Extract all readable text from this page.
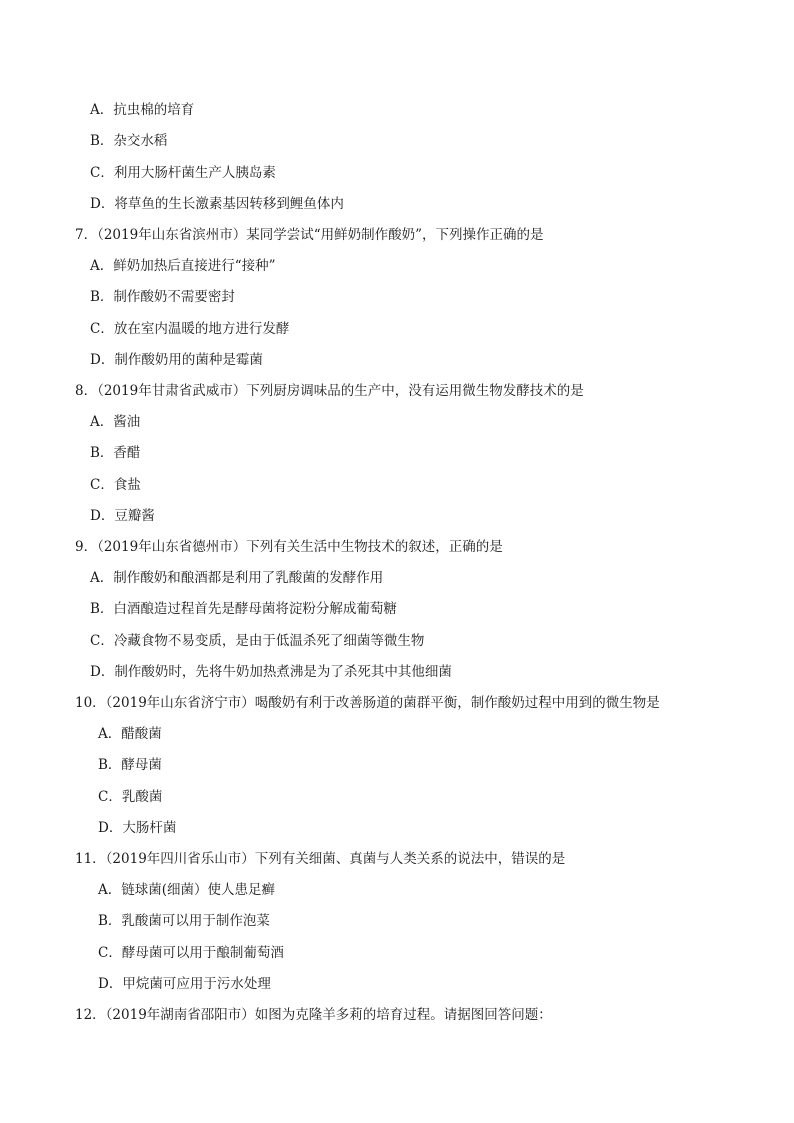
A．抗虫棉的培育
B．杂交水稻
C．利用大肠杆菌生产人胰岛素
D．将草鱼的生长激素基因转移到鲤鱼体内
7．（2019年山东省滨州市）某同学尝试“用鲜奶制作酸奶”，下列操作正确的是
A．鲜奶加热后直接进行“接种”
B．制作酸奶不需要密封
C．放在室内温暖的地方进行发酵
D．制作酸奶用的菌种是霉菌
8．（2019年甘肃省武威市）下列厨房调味品的生产中，没有运用微生物发酵技术的是
A．酱油
B．香醋
C．食盐
D．豆瓣酱
9．（2019年山东省德州市）下列有关生活中生物技术的叙述，正确的是
A．制作酸奶和酿酒都是利用了乳酸菌的发酵作用
B．白酒酿造过程首先是酵母菌将淀粉分解成葡萄糖
C．冷藏食物不易变质，是由于低温杀死了细菌等微生物
D．制作酸奶时，先将牛奶加热煮沸是为了杀死其中其他细菌
10．（2019年山东省济宁市）喝酸奶有利于改善肠道的菌群平衡，制作酸奶过程中用到的微生物是
A．醋酸菌
B．酵母菌
C．乳酸菌
D．大肠杆菌
11．（2019年四川省乐山市）下列有关细菌、真菌与人类关系的说法中，错误的是
A．链球菌(细菌）使人患足癣
B．乳酸菌可以用于制作泡菜
C．酵母菌可以用于酿制葡萄酒
D．甲烷菌可应用于污水处理
12．（2019年湖南省邵阳市）如图为克隆羊多莉的培育过程。请据图回答问题：
